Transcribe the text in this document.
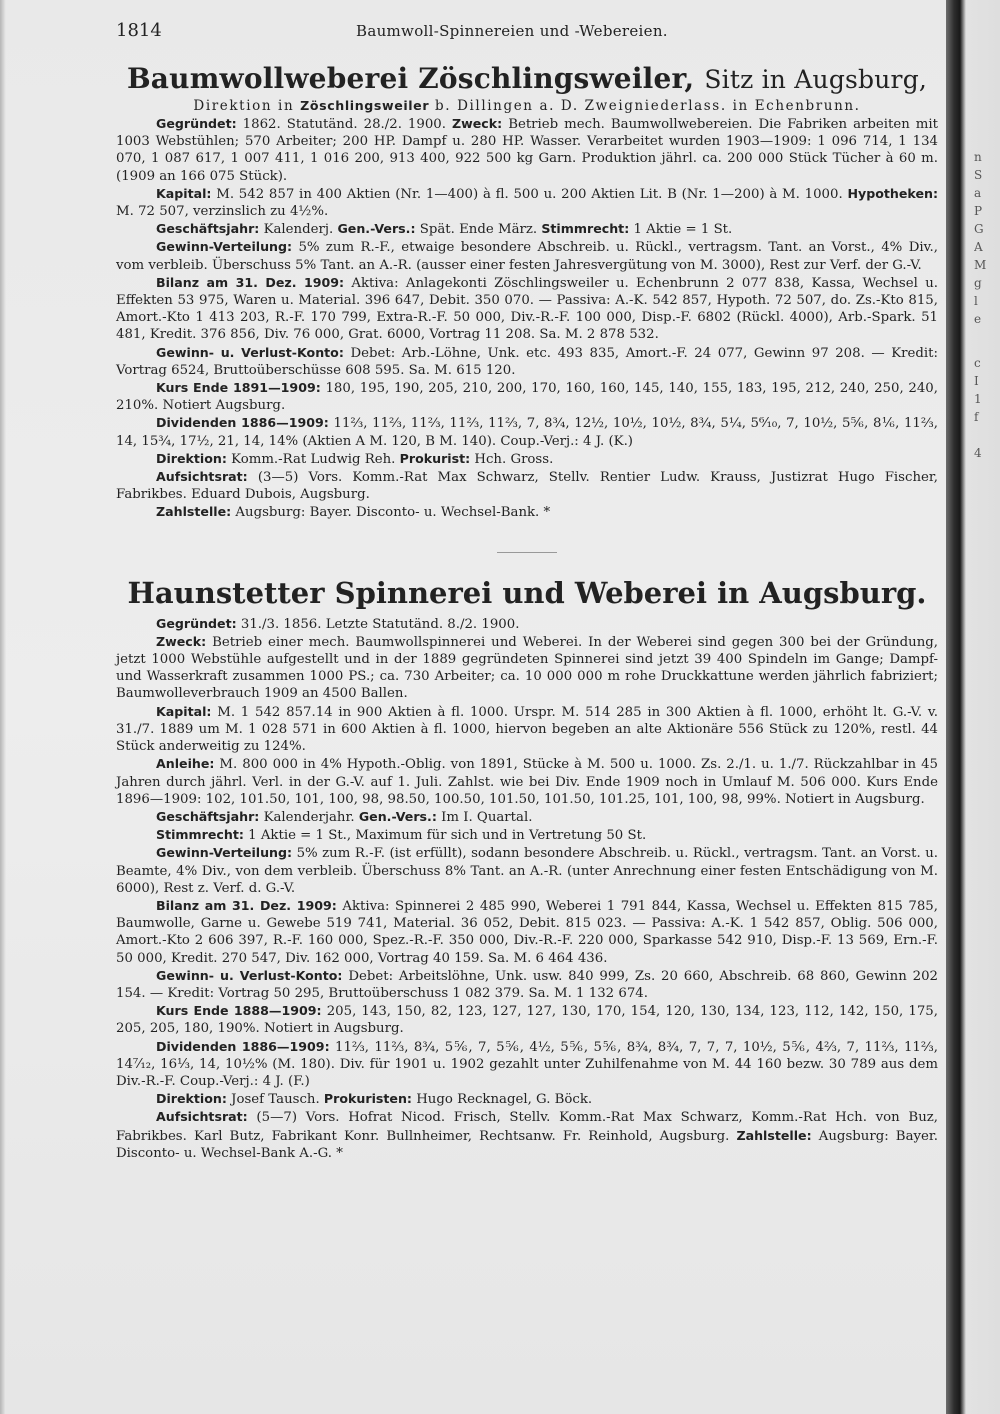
n
S
a
P
G
A
M
g
l
e
c
I
1
f
4
1814	Baumwoll-Spinnereien und -Webereien.
Baumwollweberei Zöschlingsweiler, Sitz in Augsburg,
Direktion in Zöschlingsweiler b. Dillingen a. D. Zweigniederlass. in Echenbrunn.

Gegründet: 1862. Statutänd. 28./2. 1900. Zweck: Betrieb mech. Baumwollwebereien. Die Fabriken arbeiten mit 1003 Webstühlen; 570 Arbeiter; 200 HP. Dampf u. 280 HP. Wasser. Verarbeitet wurden 1903—1909: 1 096 714, 1 134 070, 1 087 617, 1 007 411, 1 016 200, 913 400, 922 500 kg Garn. Produktion jährl. ca. 200 000 Stück Tücher à 60 m. (1909 an 166 075 Stück).

Kapital: M. 542 857 in 400 Aktien (Nr. 1—400) à fl. 500 u. 200 Aktien Lit. B (Nr. 1—200) à M. 1000. Hypotheken: M. 72 507, verzinslich zu 4½%.

Geschäftsjahr: Kalenderj. Gen.-Vers.: Spät. Ende März. Stimmrecht: 1 Aktie = 1 St.

Gewinn-Verteilung: 5% zum R.-F., etwaige besondere Abschreib. u. Rückl., vertragsm. Tant. an Vorst., 4% Div., vom verbleib. Überschuss 5% Tant. an A.-R. (ausser einer festen Jahresvergütung von M. 3000), Rest zur Verf. der G.-V.

Bilanz am 31. Dez. 1909: Aktiva: Anlagekonti Zöschlingsweiler u. Echenbrunn 2 077 838, Kassa, Wechsel u. Effekten 53 975, Waren u. Material. 396 647, Debit. 350 070. — Passiva: A.-K. 542 857, Hypoth. 72 507, do. Zs.-Kto 815, Amort.-Kto 1 413 203, R.-F. 170 799, Extra-R.-F. 50 000, Div.-R.-F. 100 000, Disp.-F. 6802 (Rückl. 4000), Arb.-Spark. 51 481, Kredit. 376 856, Div. 76 000, Grat. 6000, Vortrag 11 208. Sa. M. 2 878 532.

Gewinn- u. Verlust-Konto: Debet: Arb.-Löhne, Unk. etc. 493 835, Amort.-F. 24 077, Gewinn 97 208. — Kredit: Vortrag 6524, Bruttoüberschüsse 608 595. Sa. M. 615 120.

Kurs Ende 1891—1909: 180, 195, 190, 205, 210, 200, 170, 160, 160, 145, 140, 155, 183, 195, 212, 240, 250, 240, 210%. Notiert Augsburg.

Dividenden 1886—1909: 11⅔, 11⅔, 11⅔, 11⅔, 11⅔, 7, 8¾, 12½, 10½, 10½, 8¾, 5¼, 5⁶⁄₁₀, 7, 10½, 5⅚, 8⅙, 11⅔, 14, 15¾, 17½, 21, 14, 14% (Aktien A M. 120, B M. 140). Coup.-Verj.: 4 J. (K.)

Direktion: Komm.-Rat Ludwig Reh. Prokurist: Hch. Gross.

Aufsichtsrat: (3—5) Vors. Komm.-Rat Max Schwarz, Stellv. Rentier Ludw. Krauss, Justizrat Hugo Fischer, Fabrikbes. Eduard Dubois, Augsburg.

Zahlstelle: Augsburg: Bayer. Disconto- u. Wechsel-Bank. *

Haunstetter Spinnerei und Weberei in Augsburg.

Gegründet: 31./3. 1856. Letzte Statutänd. 8./2. 1900.

Zweck: Betrieb einer mech. Baumwollspinnerei und Weberei. In der Weberei sind gegen 300 bei der Gründung, jetzt 1000 Webstühle aufgestellt und in der 1889 gegründeten Spinnerei sind jetzt 39 400 Spindeln im Gange; Dampf- und Wasserkraft zusammen 1000 PS.; ca. 730 Arbeiter; ca. 10 000 000 m rohe Druckkattune werden jährlich fabriziert; Baumwolleverbrauch 1909 an 4500 Ballen.

Kapital: M. 1 542 857.14 in 900 Aktien à fl. 1000. Urspr. M. 514 285 in 300 Aktien à fl. 1000, erhöht lt. G.-V. v. 31./7. 1889 um M. 1 028 571 in 600 Aktien à fl. 1000, hiervon begeben an alte Aktionäre 556 Stück zu 120%, restl. 44 Stück anderweitig zu 124%.

Anleihe: M. 800 000 in 4% Hypoth.-Oblig. von 1891, Stücke à M. 500 u. 1000. Zs. 2./1. u. 1./7. Rückzahlbar in 45 Jahren durch jährl. Verl. in der G.-V. auf 1. Juli. Zahlst. wie bei Div. Ende 1909 noch in Umlauf M. 506 000. Kurs Ende 1896—1909: 102, 101.50, 101, 100, 98, 98.50, 100.50, 101.50, 101.50, 101.25, 101, 100, 98, 99%. Notiert in Augsburg.

Geschäftsjahr: Kalenderjahr. Gen.-Vers.: Im I. Quartal.

Stimmrecht: 1 Aktie = 1 St., Maximum für sich und in Vertretung 50 St.

Gewinn-Verteilung: 5% zum R.-F. (ist erfüllt), sodann besondere Abschreib. u. Rückl., vertragsm. Tant. an Vorst. u. Beamte, 4% Div., von dem verbleib. Überschuss 8% Tant. an A.-R. (unter Anrechnung einer festen Entschädigung von M. 6000), Rest z. Verf. d. G.-V.

Bilanz am 31. Dez. 1909: Aktiva: Spinnerei 2 485 990, Weberei 1 791 844, Kassa, Wechsel u. Effekten 815 785, Baumwolle, Garne u. Gewebe 519 741, Material. 36 052, Debit. 815 023. — Passiva: A.-K. 1 542 857, Oblig. 506 000, Amort.-Kto 2 606 397, R.-F. 160 000, Spez.-R.-F. 350 000, Div.-R.-F. 220 000, Sparkasse 542 910, Disp.-F. 13 569, Ern.-F. 50 000, Kredit. 270 547, Div. 162 000, Vortrag 40 159. Sa. M. 6 464 436.

Gewinn- u. Verlust-Konto: Debet: Arbeitslöhne, Unk. usw. 840 999, Zs. 20 660, Abschreib. 68 860, Gewinn 202 154. — Kredit: Vortrag 50 295, Bruttoüberschuss 1 082 379. Sa. M. 1 132 674.

Kurs Ende 1888—1909: 205, 143, 150, 82, 123, 127, 127, 130, 170, 154, 120, 130, 134, 123, 112, 142, 150, 175, 205, 205, 180, 190%. Notiert in Augsburg.

Dividenden 1886—1909: 11⅔, 11⅔, 8¾, 5⅚, 7, 5⅚, 4½, 5⅚, 5⅚, 8¾, 8¾, 7, 7, 7, 10½, 5⅚, 4⅔, 7, 11⅔, 11⅔, 14⁷⁄₁₂, 16⅓, 14, 10½% (M. 180). Div. für 1901 u. 1902 gezahlt unter Zuhilfenahme von M. 44 160 bezw. 30 789 aus dem Div.-R.-F. Coup.-Verj.: 4 J. (F.)

Direktion: Josef Tausch. Prokuristen: Hugo Recknagel, G. Böck.

Aufsichtsrat: (5—7) Vors. Hofrat Nicod. Frisch, Stellv. Komm.-Rat Max Schwarz, Komm.-Rat Hch. von Buz, Fabrikbes. Karl Butz, Fabrikant Konr. Bullnheimer, Rechtsanw. Fr. Reinhold, Augsburg. Zahlstelle: Augsburg: Bayer. Disconto- u. Wechsel-Bank A.-G. *
